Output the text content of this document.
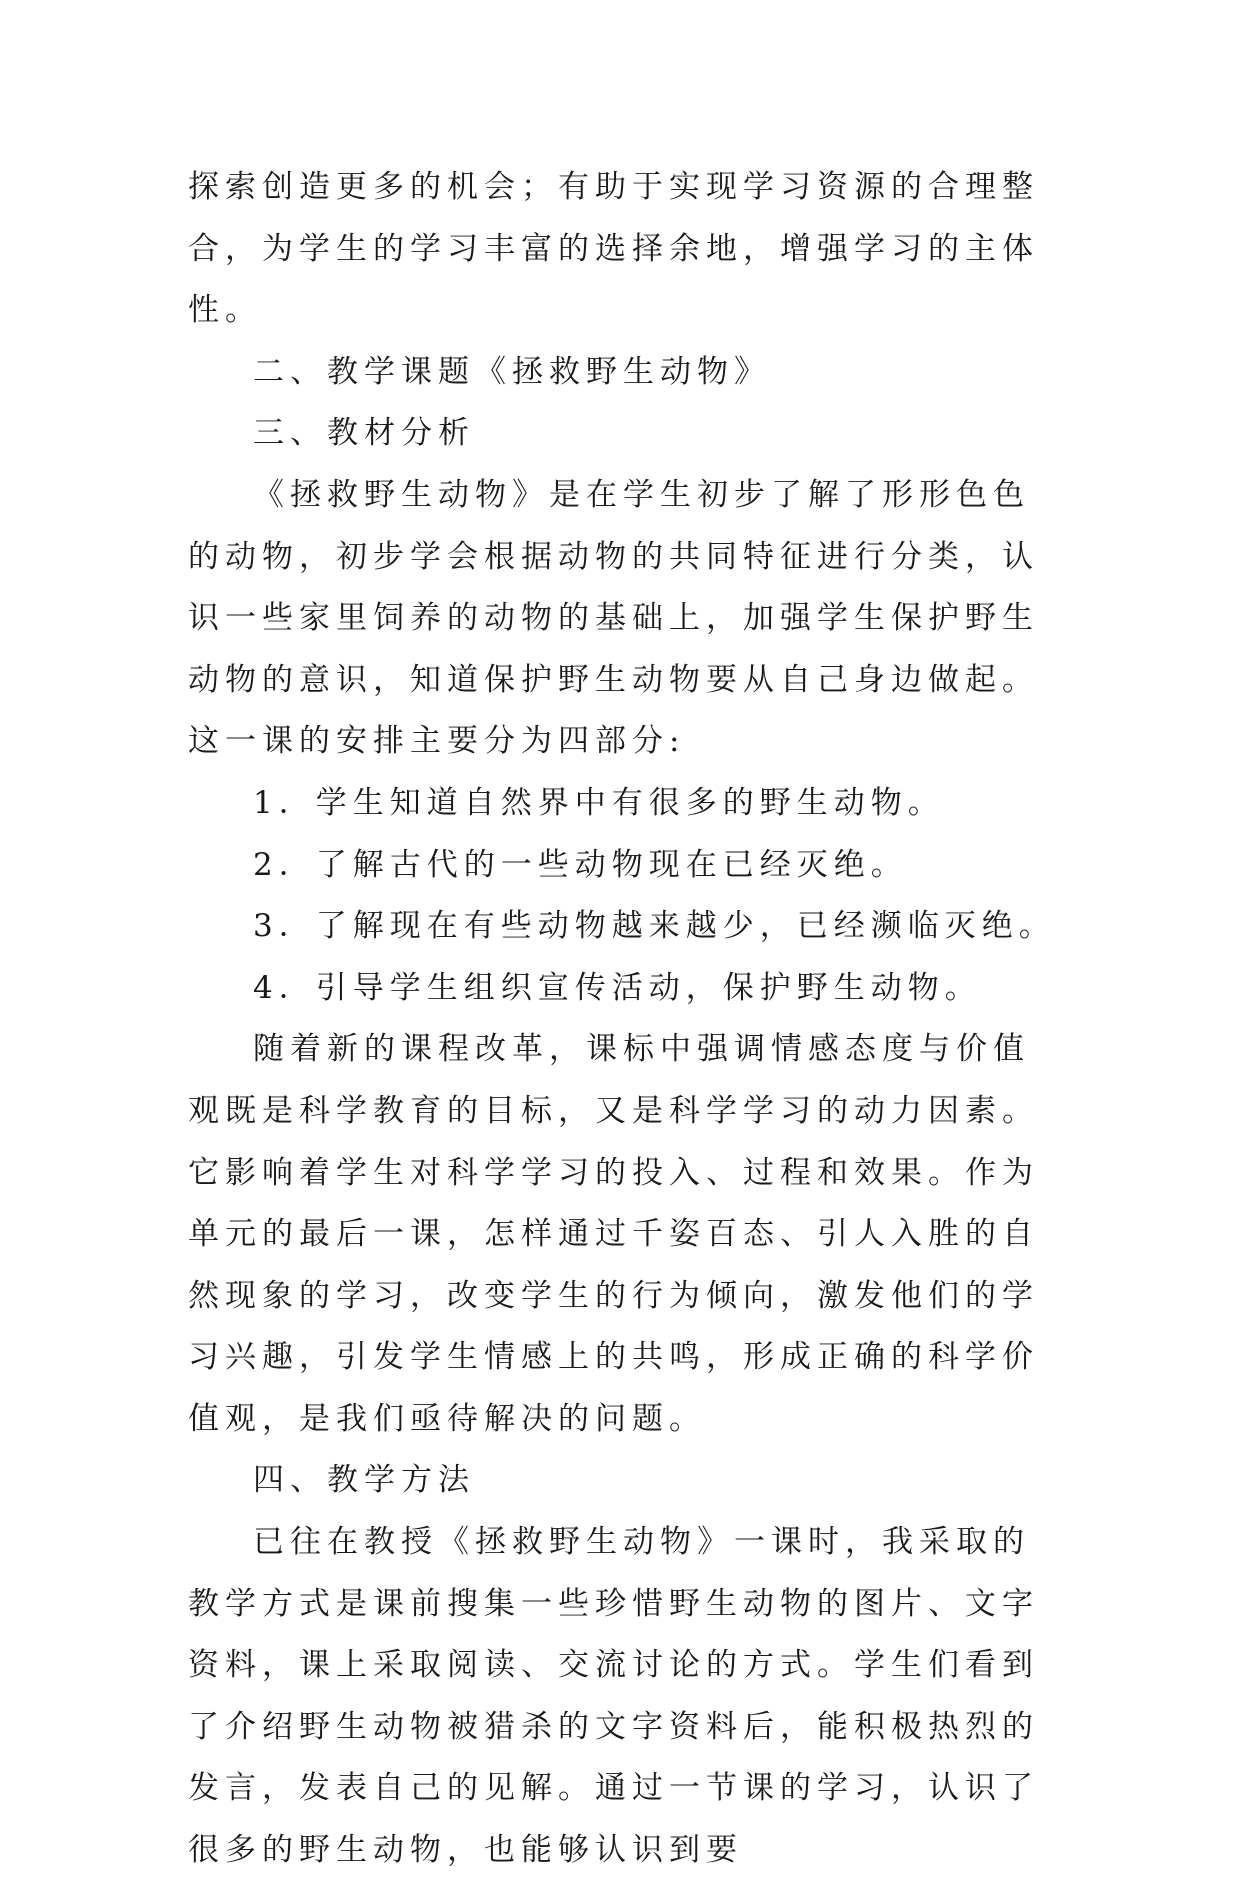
探索创造更多的机会；有助于实现学习资源的合理整合，为学生的学习丰富的选择余地，增强学习的主体性。

二、教学课题《拯救野生动物》

三、教材分析

《拯救野生动物》是在学生初步了解了形形色色的动物，初步学会根据动物的共同特征进行分类，认识一些家里饲养的动物的基础上，加强学生保护野生动物的意识，知道保护野生动物要从自己身边做起。这一课的安排主要分为四部分:

1．学生知道自然界中有很多的野生动物。

2．了解古代的一些动物现在已经灭绝。

3．了解现在有些动物越来越少，已经濒临灭绝。

4．引导学生组织宣传活动，保护野生动物。

随着新的课程改革，课标中强调情感态度与价值观既是科学教育的目标，又是科学学习的动力因素。它影响着学生对科学学习的投入、过程和效果。作为单元的最后一课，怎样通过千姿百态、引人入胜的自然现象的学习，改变学生的行为倾向，激发他们的学习兴趣，引发学生情感上的共鸣，形成正确的科学价值观，是我们亟待解决的问题。

四、教学方法

已往在教授《拯救野生动物》一课时，我采取的教学方式是课前搜集一些珍惜野生动物的图片、文字资料，课上采取阅读、交流讨论的方式。学生们看到了介绍野生动物被猎杀的文字资料后，能积极热烈的发言，发表自己的见解。通过一节课的学习，认识了很多的野生动物，也能够认识到要
